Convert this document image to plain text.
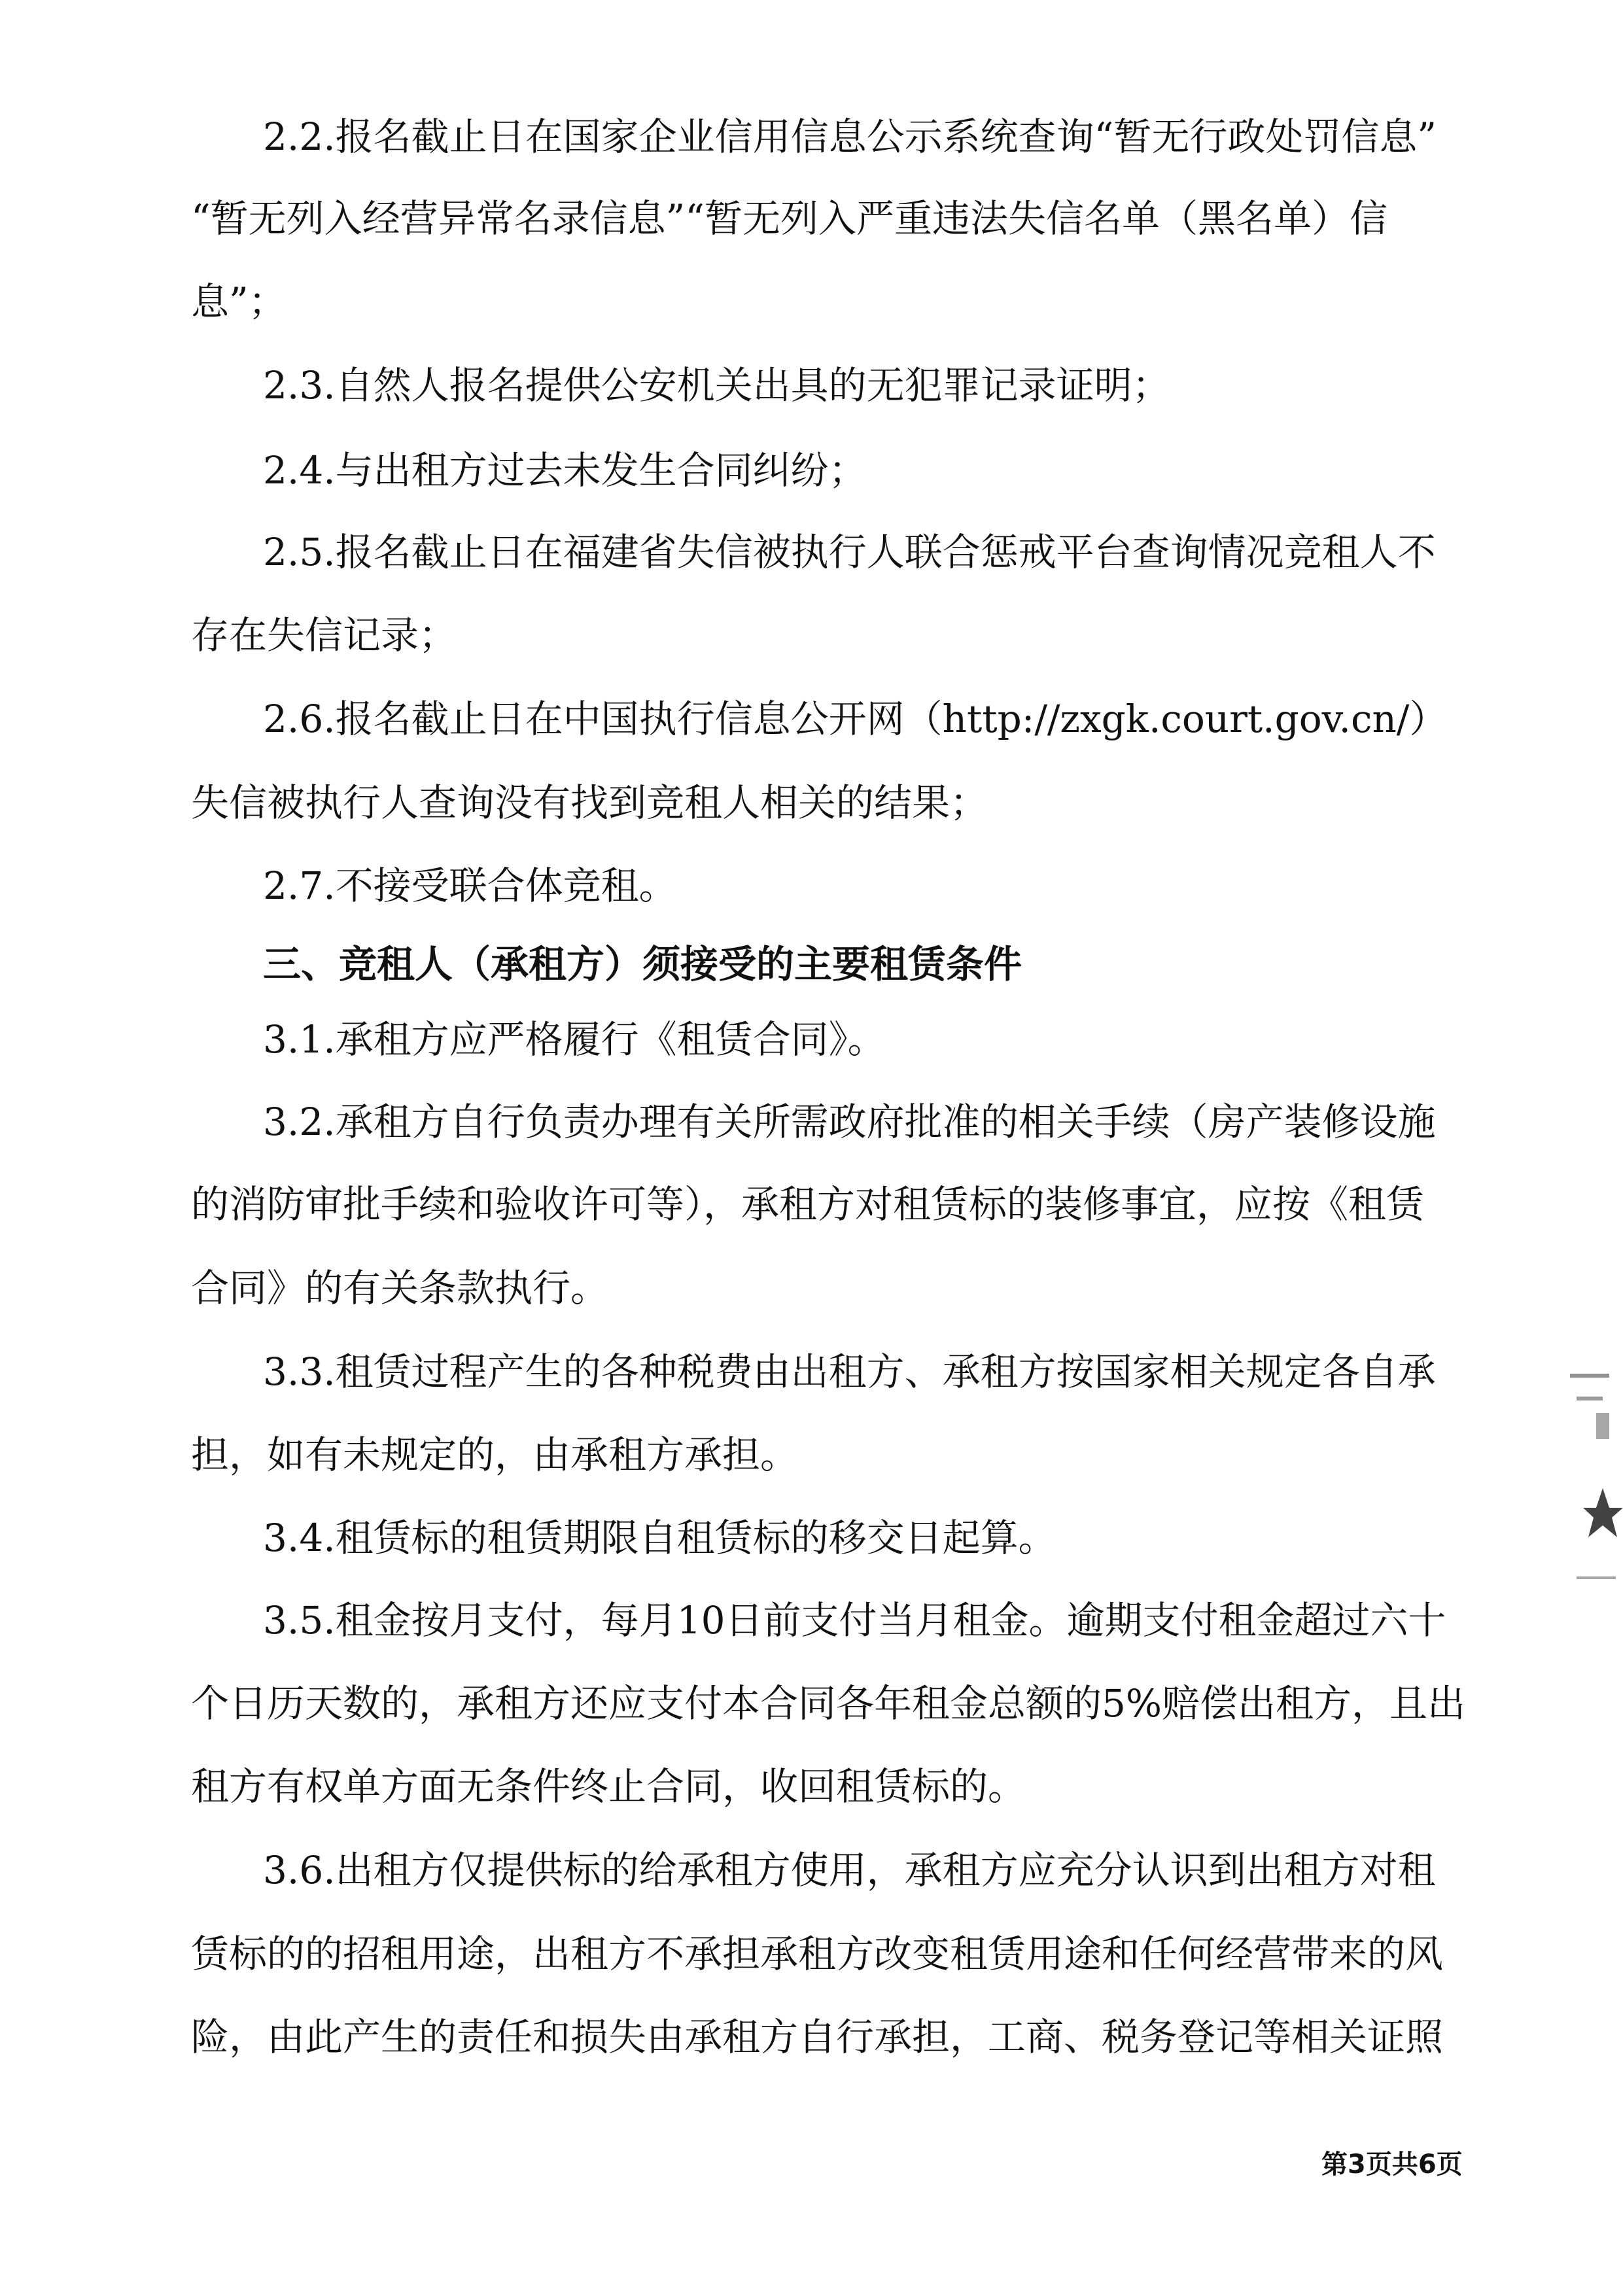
2.2.报名截止日在国家企业信用信息公示系统查询“暂无行政处罚信息”
“暂无列入经营异常名录信息”“暂无列入严重违法失信名单（黑名单）信
息”；
2.3.自然人报名提供公安机关出具的无犯罪记录证明；
2.4.与出租方过去未发生合同纠纷；
2.5.报名截止日在福建省失信被执行人联合惩戒平台查询情况竞租人不
存在失信记录；
2.6.报名截止日在中国执行信息公开网（http://zxgk.court.gov.cn/）
失信被执行人查询没有找到竞租人相关的结果；
2.7.不接受联合体竞租。
三、竞租人（承租方）须接受的主要租赁条件
3.1.承租方应严格履行《租赁合同》。
3.2.承租方自行负责办理有关所需政府批准的相关手续（房产装修设施
的消防审批手续和验收许可等），承租方对租赁标的装修事宜，应按《租赁
合同》的有关条款执行。
3.3.租赁过程产生的各种税费由出租方、承租方按国家相关规定各自承
担，如有未规定的，由承租方承担。
3.4.租赁标的租赁期限自租赁标的移交日起算。
3.5.租金按月支付，每月10日前支付当月租金。逾期支付租金超过六十
个日历天数的，承租方还应支付本合同各年租金总额的5%赔偿出租方，且出
租方有权单方面无条件终止合同，收回租赁标的。
3.6.出租方仅提供标的给承租方使用，承租方应充分认识到出租方对租
赁标的的招租用途，出租方不承担承租方改变租赁用途和任何经营带来的风
险，由此产生的责任和损失由承租方自行承担，工商、税务登记等相关证照
第3页共6页
